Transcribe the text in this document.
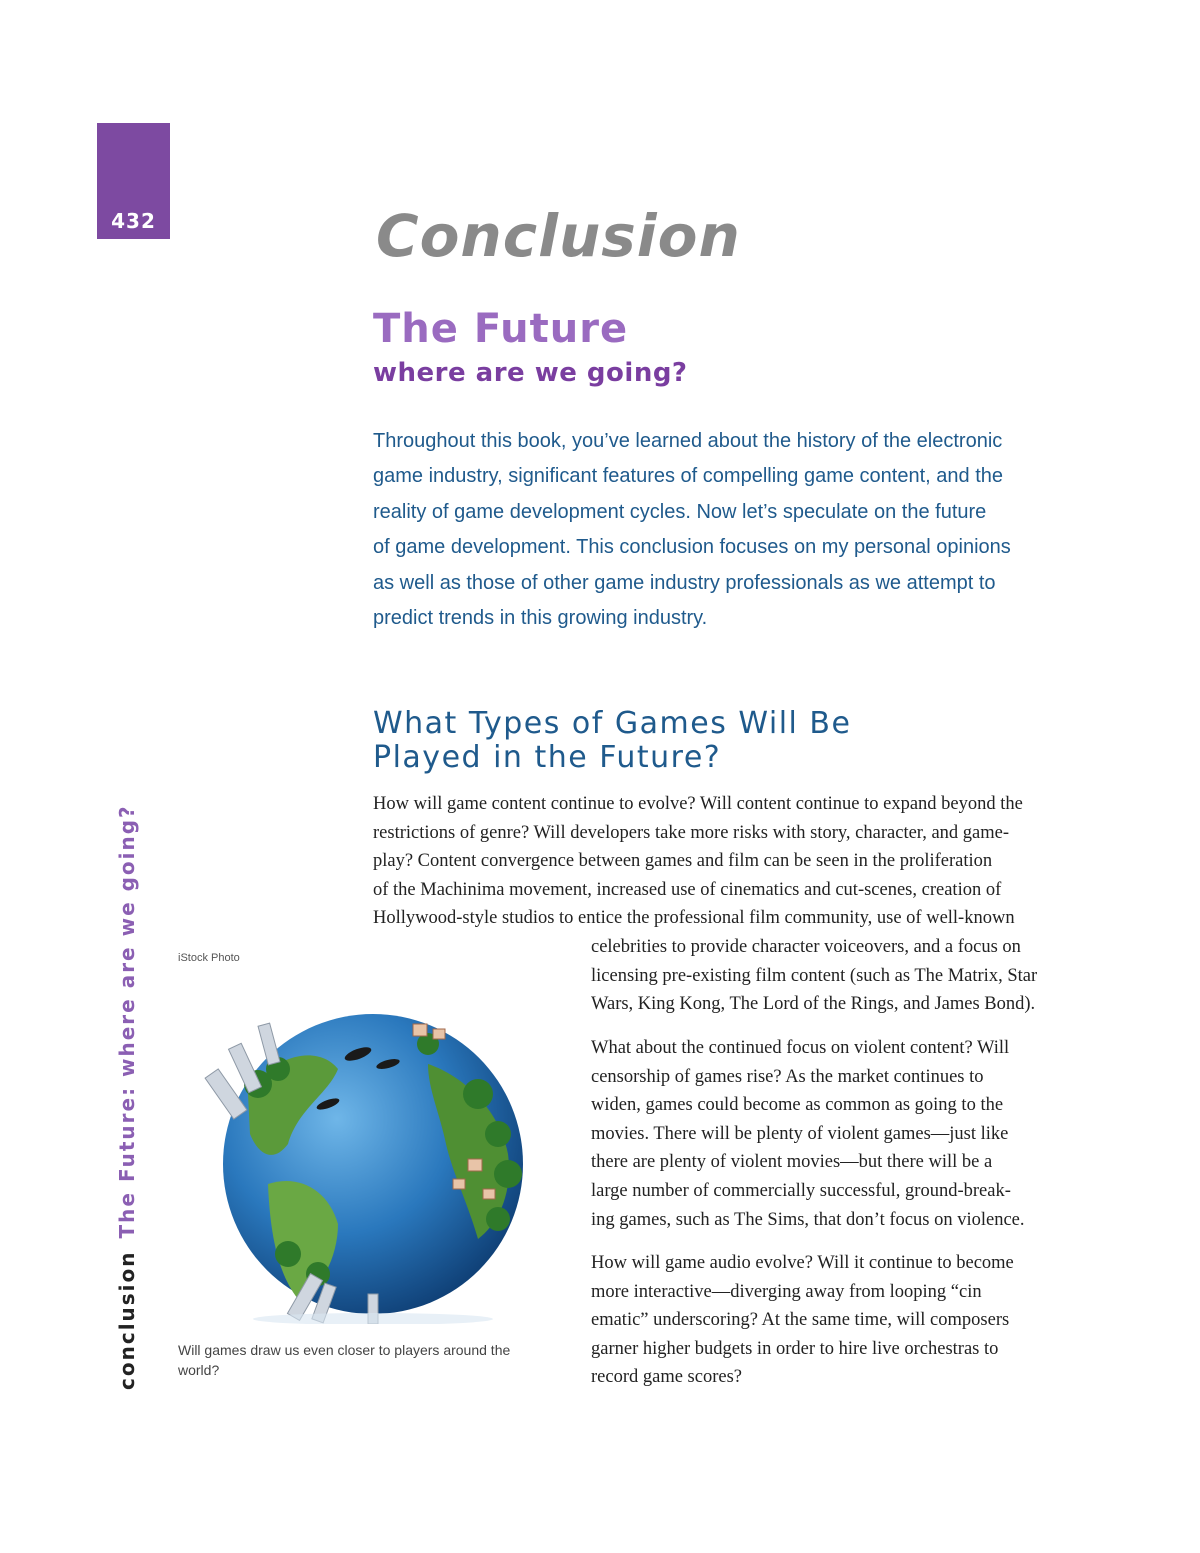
432
conclusionThe Future: where are we going?
Conclusion
The Future
where are we going?
Throughout this book, you’ve learned about the history of the electronic
game industry, significant features of compelling game content, and the
reality of game development cycles. Now let’s speculate on the future
of game development. This conclusion focuses on my personal opinions
as well as those of other game industry professionals as we attempt to
predict trends in this growing industry.
What Types of Games Will Be
Played in the Future?

How will game content continue to evolve? Will content continue to expand beyond the
restrictions of genre? Will developers take more risks with story, character, and game-
play? Content convergence between games and film can be seen in the proliferation
of the Machinima movement, increased use of cinematics and cut-scenes, creation of
Hollywood-style studios to entice the professional film community, use of well-known
celebrities to provide character voiceovers, and a focus on
licensing pre-existing film content (such as The Matrix, Star
Wars, King Kong, The Lord of the Rings, and James Bond).

What about the continued focus on violent content? Will
censorship of games rise? As the market continues to
widen, games could become as common as going to the
movies. There will be plenty of violent games—just like
there are plenty of violent movies—but there will be a
large number of commercially successful, ground-break-
ing games, such as The Sims, that don’t focus on violence.

How will game audio evolve? Will it continue to become
more interactive—diverging away from looping “cin
ematic” underscoring? At the same time, will composers
garner higher budgets in order to hire live orchestras to
record game scores?

iStock Photo
Will games draw us even closer to players around the world?
